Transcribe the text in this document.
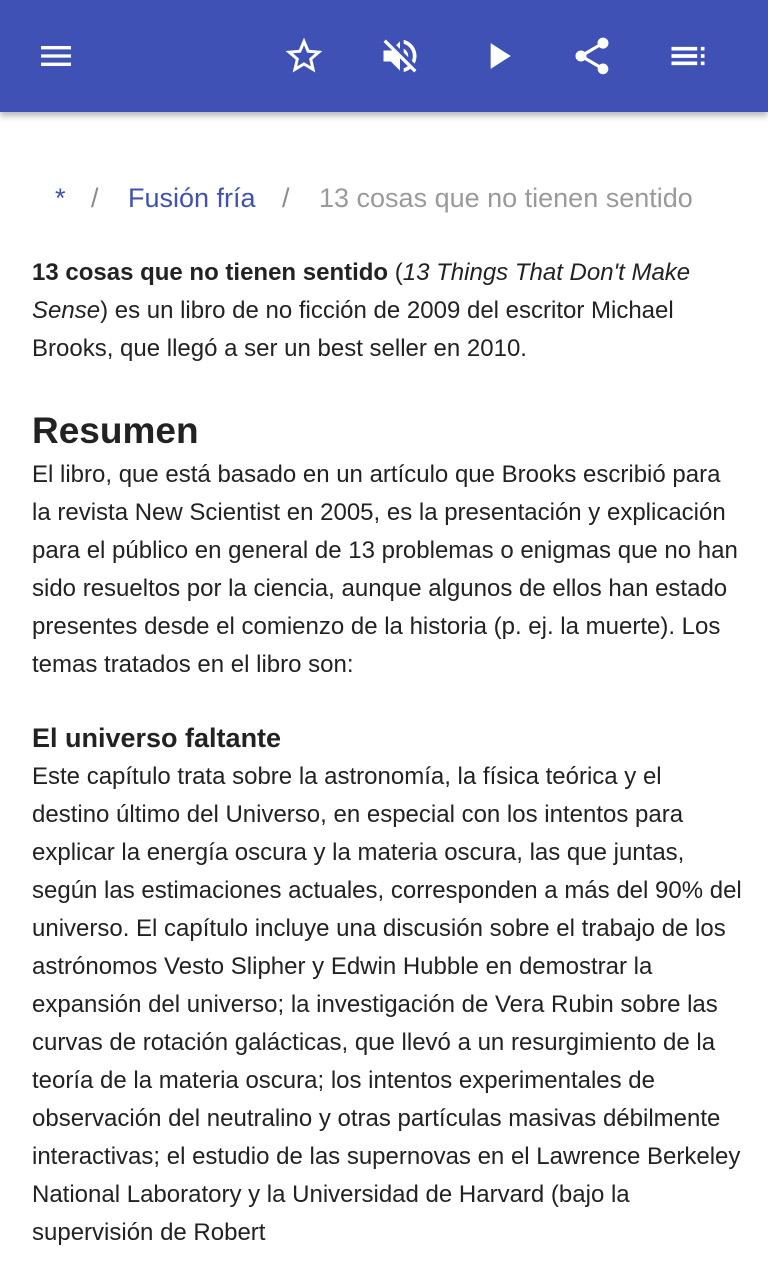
* / Fusión fría / 13 cosas que no tienen sentido

13 cosas que no tienen sentido (13 Things That Don't Make Sense) es un libro de no ficción de 2009 del escritor Michael Brooks, que llegó a ser un best seller en 2010.

Resumen

El libro, que está basado en un artículo que Brooks escribió para la revista New Scientist en 2005, es la presentación y explicación para el público en general de 13 problemas o enigmas que no han sido resueltos por la ciencia, aunque algunos de ellos han estado presentes desde el comienzo de la historia (p. ej. la muerte). Los temas tratados en el libro son:

El universo faltante

Este capítulo trata sobre la astronomía, la física teórica y el destino último del Universo, en especial con los intentos para explicar la energía oscura y la materia oscura, las que juntas, según las estimaciones actuales, corresponden a más del 90% del universo. El capítulo incluye una discusión sobre el trabajo de los astrónomos Vesto Slipher y Edwin Hubble en demostrar la expansión del universo; la investigación de Vera Rubin sobre las curvas de rotación galácticas, que llevó a un resurgimiento de la teoría de la materia oscura; los intentos experimentales de observación del neutralino y otras partículas masivas débilmente interactivas; el estudio de las supernovas en el Lawrence Berkeley National Laboratory y la Universidad de Harvard (bajo la supervisión de Robert
